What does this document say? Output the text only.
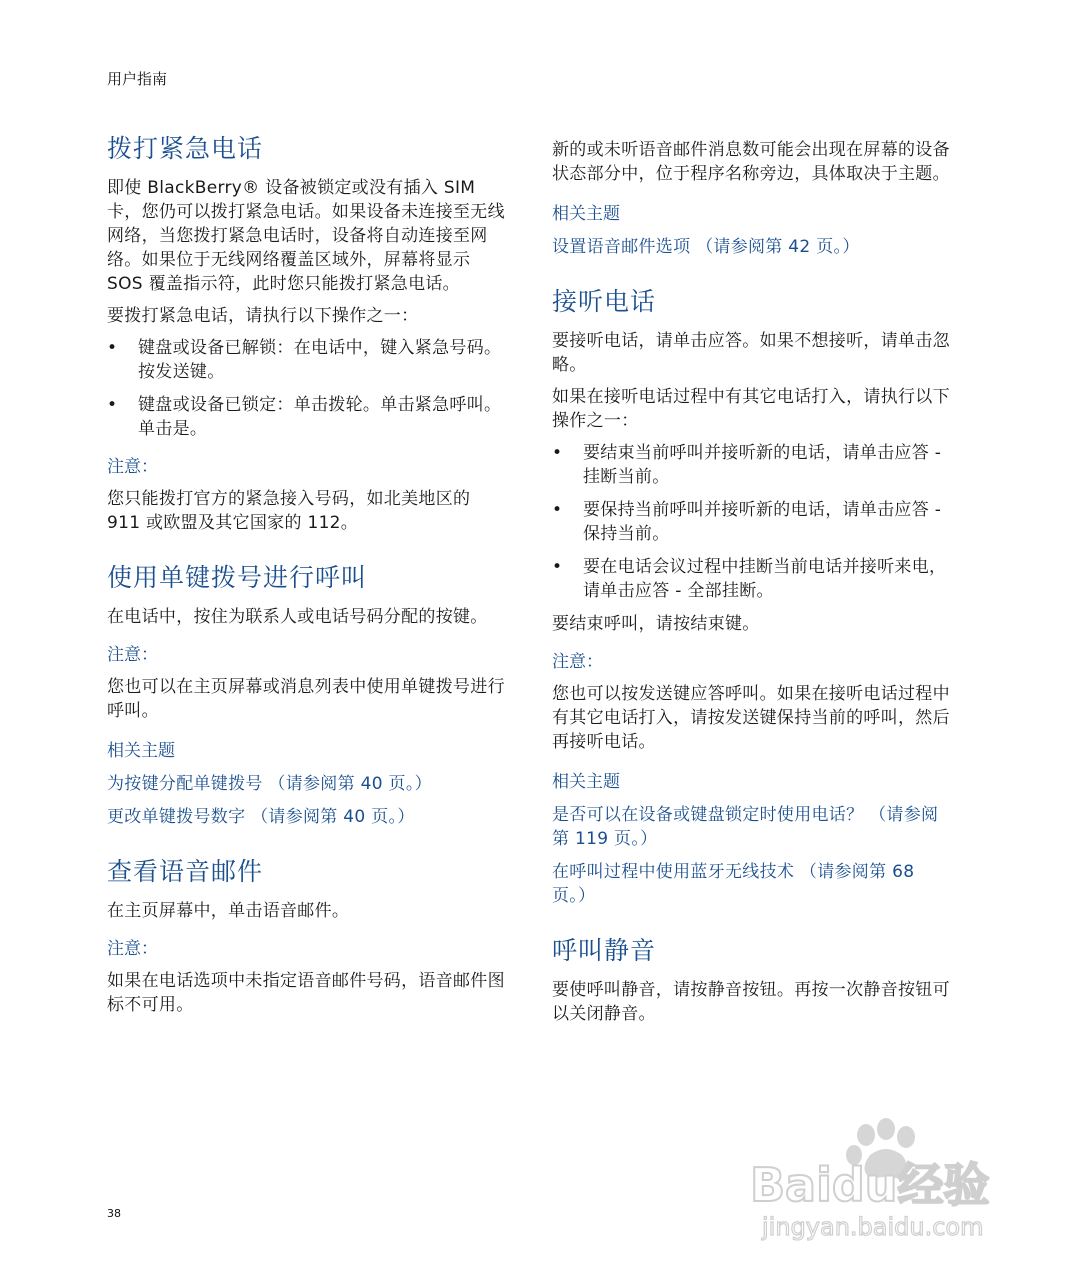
用户指南
拨打紧急电话

即使 BlackBerry® 设备被锁定或没有插入 SIM 卡，您仍可以拨打紧急电话。如果设备未连接至无线网络，当您拨打紧急电话时，设备将自动连接至网络。如果位于无线网络覆盖区域外，屏幕将显示 SOS 覆盖指示符，此时您只能拨打紧急电话。

要拨打紧急电话，请执行以下操作之一：

• 键盘或设备已解锁：在电话中，键入紧急号码。按发送键。
• 键盘或设备已锁定：单击拨轮。单击紧急呼叫。单击是。
注意：

您只能拨打官方的紧急接入号码，如北美地区的 911 或欧盟及其它国家的 112。

使用单键拨号进行呼叫

在电话中，按住为联系人或电话号码分配的按键。

注意：

您也可以在主页屏幕或消息列表中使用单键拨号进行呼叫。

相关主题
为按键分配单键拨号 （请参阅第 40 页。）
更改单键拨号数字 （请参阅第 40 页。）
查看语音邮件

在主页屏幕中，单击语音邮件。

注意：

如果在电话选项中未指定语音邮件号码，语音邮件图标不可用。

新的或未听语音邮件消息数可能会出现在屏幕的设备状态部分中，位于程序名称旁边，具体取决于主题。

相关主题
设置语音邮件选项 （请参阅第 42 页。）
接听电话

要接听电话，请单击应答。如果不想接听，请单击忽略。

如果在接听电话过程中有其它电话打入，请执行以下操作之一：

• 要结束当前呼叫并接听新的电话，请单击应答 - 挂断当前。
• 要保持当前呼叫并接听新的电话，请单击应答 - 保持当前。
• 要在电话会议过程中挂断当前电话并接听来电，请单击应答 - 全部挂断。

要结束呼叫，请按结束键。

注意：

您也可以按发送键应答呼叫。如果在接听电话过程中有其它电话打入，请按发送键保持当前的呼叫，然后再接听电话。

相关主题
是否可以在设备或键盘锁定时使用电话？ （请参阅第 119 页。）
在呼叫过程中使用蓝牙无线技术 （请参阅第 68 页。）
呼叫静音

要使呼叫静音，请按静音按钮。再按一次静音按钮可以关闭静音。

38
Baidu经验
jingyan.baidu.com
